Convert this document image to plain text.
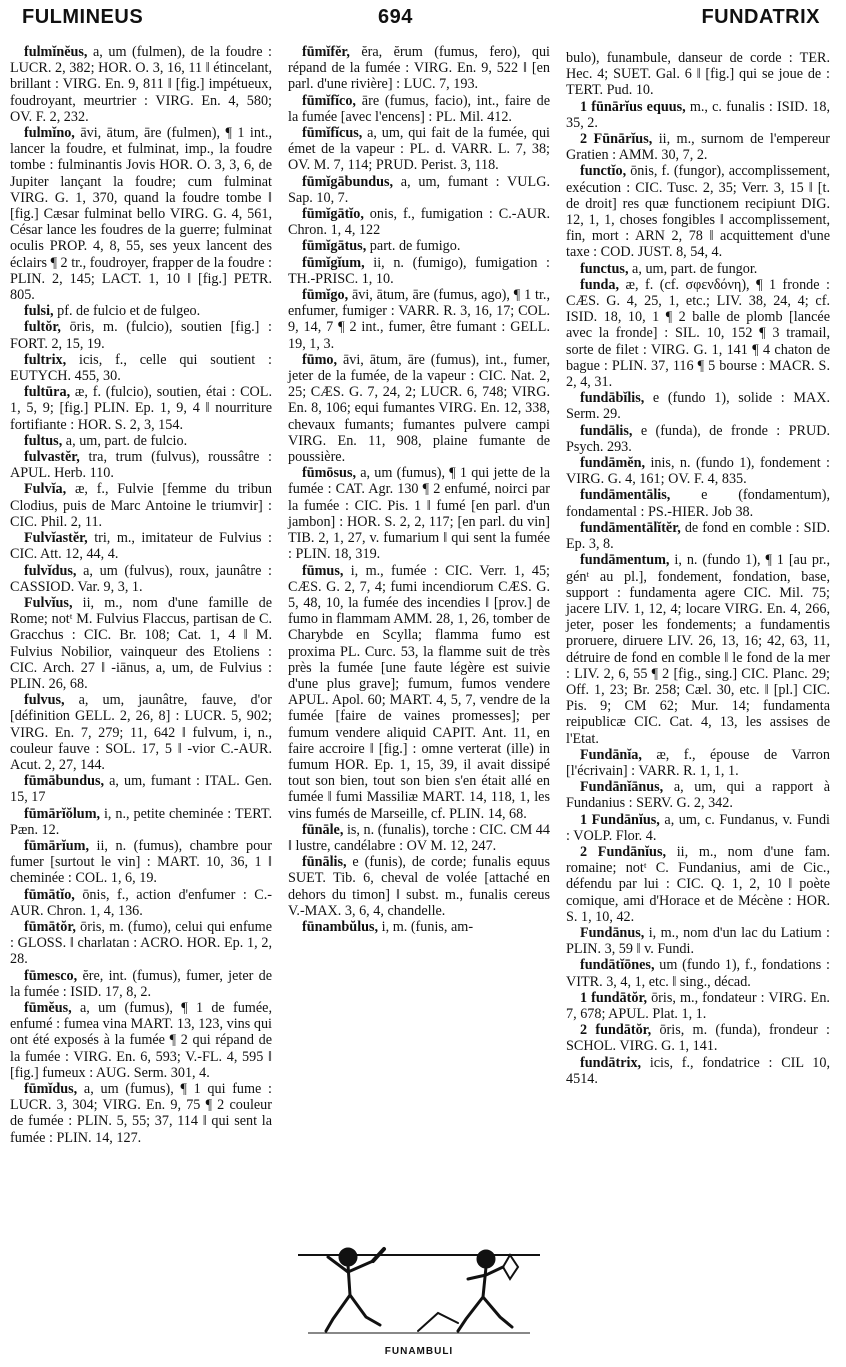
FULMINEUS	694	FUNDATRIX
fulmĭnĕus, a, um (fulmen), de la foudre : LUCR. 2, 382; HOR. O. 3, 16, 11 ‖ étincelant, brillant : VIRG. En. 9, 811 ‖ [fig.] impétueux, foudroyant, meurtrier : VIRG. En. 4, 580; OV. F. 2, 232.
fulmĭno, āvi, ātum, āre (fulmen), ¶ 1 int., lancer la foudre, et fulminat, imp., la foudre tombe : fulminantis Jovis HOR. O. 3, 3, 6, de Jupiter lançant la foudre; cum fulminat VIRG. G. 1, 370, quand la foudre tombe ‖ [fig.] Cæsar fulminat bello VIRG. G. 4, 561, César lance les foudres de la guerre; fulminat oculis PROP. 4, 8, 55, ses yeux lancent des éclairs ¶ 2 tr., foudroyer, frapper de la foudre : PLIN. 2, 145; LACT. 1, 10 ‖ [fig.] PETR. 805.
fulsi, pf. de fulcio et de fulgeo.
fultŏr, ōris, m. (fulcio), soutien [fig.] : FORT. 2, 15, 19.
fultrix, icis, f., celle qui soutient : EUTYCH. 455, 30.
fultūra, æ, f. (fulcio), soutien, étai : COL. 1, 5, 9; [fig.] PLIN. Ep. 1, 9, 4 ‖ nourriture fortifiante : HOR. S. 2, 3, 154.
fultus, a, um, part. de fulcio.
fulvastĕr, tra, trum (fulvus), roussâtre : APUL. Herb. 110.
Fulvĭa, æ, f., Fulvie [femme du tribun Clodius, puis de Marc Antoine le triumvir] : CIC. Phil. 2, 11.
Fulvĭastĕr, tri, m., imitateur de Fulvius : CIC. Att. 12, 44, 4.
fulvĭdus, a, um (fulvus), roux, jaunâtre : CASSIOD. Var. 9, 3, 1.
Fulvĭus, ii, m., nom d'une famille de Rome; notᵗ M. Fulvius Flaccus, partisan de C. Gracchus : CIC. Br. 108; Cat. 1, 4 ‖ M. Fulvius Nobilior, vainqueur des Etoliens : CIC. Arch. 27 ‖ -iānus, a, um, de Fulvius : PLIN. 26, 68.
fulvus, a, um, jaunâtre, fauve, d'or [définition GELL. 2, 26, 8] : LUCR. 5, 902; VIRG. En. 7, 279; 11, 642 ‖ fulvum, i, n., couleur fauve : SOL. 17, 5 ‖ -vior C.-AUR. Acut. 2, 27, 144.
fūmābundus, a, um, fumant : ITAL. Gen. 15, 17
fūmārĭŏlum, i, n., petite cheminée : TERT. Pæn. 12.
fūmārĭum, ii, n. (fumus), chambre pour fumer [surtout le vin] : MART. 10, 36, 1 ‖ cheminée : COL. 1, 6, 19.
fūmātĭo, ōnis, f., action d'enfumer : C.-AUR. Chron. 1, 4, 136.
fūmātŏr, ōris, m. (fumo), celui qui enfume : GLOSS. ‖ charlatan : ACRO. HOR. Ep. 1, 2, 28.
fūmesco, ĕre, int. (fumus), fumer, jeter de la fumée : ISID. 17, 8, 2.
fūmĕus, a, um (fumus), ¶ 1 de fumée, enfumé : fumea vina MART. 13, 123, vins qui ont été exposés à la fumée ¶ 2 qui répand de la fumée : VIRG. En. 6, 593; V.-FL. 4, 595 ‖ [fig.] fumeux : AUG. Serm. 301, 4.
fūmĭdus, a, um (fumus), ¶ 1 qui fume : LUCR. 3, 304; VIRG. En. 9, 75 ¶ 2 couleur de fumée : PLIN. 5, 55; 37, 114 ‖ qui sent la fumée : PLIN. 14, 127.
fūmĭfĕr, ĕra, ĕrum (fumus, fero), qui répand de la fumée : VIRG. En. 9, 522 ‖ [en parl. d'une rivière] : LUC. 7, 193.
fūmĭfĭco, āre (fumus, facio), int., faire de la fumée [avec l'encens] : PL. Mil. 412.
fūmĭfĭcus, a, um, qui fait de la fumée, qui émet de la vapeur : PL. d. VARR. L. 7, 38; OV. M. 7, 114; PRUD. Perist. 3, 118.
fūmĭgābundus, a, um, fumant : VULG. Sap. 10, 7.
fūmĭgātĭo, onis, f., fumigation : C.-AUR. Chron. 1, 4, 122
fūmĭgātus, part. de fumigo.
fūmĭgĭum, ii, n. (fumigo), fumigation : TH.-PRISC. 1, 10.
fūmĭgo, āvi, ātum, āre (fumus, ago), ¶ 1 tr., enfumer, fumiger : VARR. R. 3, 16, 17; COL. 9, 14, 7 ¶ 2 int., fumer, être fumant : GELL. 19, 1, 3.
fūmo, āvi, ātum, āre (fumus), int., fumer, jeter de la fumée, de la vapeur : CIC. Nat. 2, 25; CÆS. G. 7, 24, 2; LUCR. 6, 748; VIRG. En. 8, 106; equi fumantes VIRG. En. 12, 338, chevaux fumants; fumantes pulvere campi VIRG. En. 11, 908, plaine fumante de poussière.
fūmōsus, a, um (fumus), ¶ 1 qui jette de la fumée : CAT. Agr. 130 ¶ 2 enfumé, noirci par la fumée : CIC. Pis. 1 ‖ fumé [en parl. d'un jambon] : HOR. S. 2, 2, 117; [en parl. du vin] TIB. 2, 1, 27, v. fumarium ‖ qui sent la fumée : PLIN. 18, 319.
fūmus, i, m., fumée : CIC. Verr. 1, 45; CÆS. G. 2, 7, 4; fumi incendiorum CÆS. G. 5, 48, 10, la fumée des incendies ‖ [prov.] de fumo in flammam AMM. 28, 1, 26, tomber de Charybde en Scylla; flamma fumo est proxima PL. Curc. 53, la flamme suit de très près la fumée [une faute légère est suivie d'une plus grave]; fumum, fumos vendere APUL. Apol. 60; MART. 4, 5, 7, vendre de la fumée [faire de vaines promesses]; per fumum vendere aliquid CAPIT. Ant. 11, en faire accroire ‖ [fig.] : omne verterat (ille) in fumum HOR. Ep. 1, 15, 39, il avait dissipé tout son bien, tout son bien s'en était allé en fumée ‖ fumi Massiliæ MART. 14, 118, 1, les vins fumés de Marseille, cf. PLIN. 14, 68.
fūnāle, is, n. (funalis), torche : CIC. CM 44 ‖ lustre, candélabre : OV M. 12, 247.
fūnālis, e (funis), de corde; funalis equus SUET. Tib. 6, cheval de volée [attaché en dehors du timon] ‖ subst. m., funalis cereus V.-MAX. 3, 6, 4, chandelle.
fūnambŭlus, i, m. (funis, am-
bulo), funambule, danseur de corde : TER. Hec. 4; SUET. Gal. 6 ‖ [fig.] qui se joue de : TERT. Pud. 10.
1 fūnārĭus equus, m., c. funalis : ISID. 18, 35, 2.
2 Fūnārĭus, ii, m., surnom de l'empereur Gratien : AMM. 30, 7, 2.
functĭo, ōnis, f. (fungor), accomplissement, exécution : CIC. Tusc. 2, 35; Verr. 3, 15 ‖ [t. de droit] res quæ functionem recipiunt DIG. 12, 1, 1, choses fongibles ‖ accomplissement, fin, mort : ARN 2, 78 ‖ acquittement d'une taxe : COD. JUST. 8, 54, 4.
functus, a, um, part. de fungor.
funda, æ, f. (cf. σφενδόνη), ¶ 1 fronde : CÆS. G. 4, 25, 1, etc.; LIV. 38, 24, 4; cf. ISID. 18, 10, 1 ¶ 2 balle de plomb [lancée avec la fronde] : SIL. 10, 152 ¶ 3 tramail, sorte de filet : VIRG. G. 1, 141 ¶ 4 chaton de bague : PLIN. 37, 116 ¶ 5 bourse : MACR. S. 2, 4, 31.
fundābĭlis, e (fundo 1), solide : MAX. Serm. 29.
fundālis, e (funda), de fronde : PRUD. Psych. 293.
fundāmĕn, inis, n. (fundo 1), fondement : VIRG. G. 4, 161; OV. F. 4, 835.
fundāmentālis, e (fondamentum), fondamental : PS.-HIER. Job 38.
fundāmentālĭtĕr, de fond en comble : SID. Ep. 3, 8.
fundāmentum, i, n. (fundo 1), ¶ 1 [au pr., génᵗ au pl.], fondement, fondation, base, support : fundamenta agere CIC. Mil. 75; jacere LIV. 1, 12, 4; locare VIRG. En. 4, 266, jeter, poser les fondements; a fundamentis proruere, diruere LIV. 26, 13, 16; 42, 63, 11, détruire de fond en comble ‖ le fond de la mer : LIV. 2, 6, 55 ¶ 2 [fig., sing.] CIC. Planc. 29; Off. 1, 23; Br. 258; Cæl. 30, etc. ‖ [pl.] CIC. Pis. 9; CM 62; Mur. 14; fundamenta reipublicæ CIC. Cat. 4, 13, les assises de l'Etat.
Fundānĭa, æ, f., épouse de Varron [l'écrivain] : VARR. R. 1, 1, 1.
Fundānĭānus, a, um, qui a rapport à Fundanius : SERV. G. 2, 342.
1 Fundānĭus, a, um, c. Fundanus, v. Fundi : VOLP. Flor. 4.
2 Fundānĭus, ii, m., nom d'une fam. romaine; notᵗ C. Fundanius, ami de Cic., défendu par lui : CIC. Q. 1, 2, 10 ‖ poète comique, ami d'Horace et de Mécène : HOR. S. 1, 10, 42.
Fundānus, i, m., nom d'un lac du Latium : PLIN. 3, 59 ‖ v. Fundi.
fundātĭōnes, um (fundo 1), f., fondations : VITR. 3, 4, 1, etc. ‖ sing., décad.
1 fundātŏr, ōris, m., fondateur : VIRG. En. 7, 678; APUL. Plat. 1, 1.
2 fundātŏr, ōris, m. (funda), frondeur : SCHOL. VIRG. G. 1, 141.
fundātrix, icis, f., fondatrice : CIL 10, 4514.
FUNAMBULI
